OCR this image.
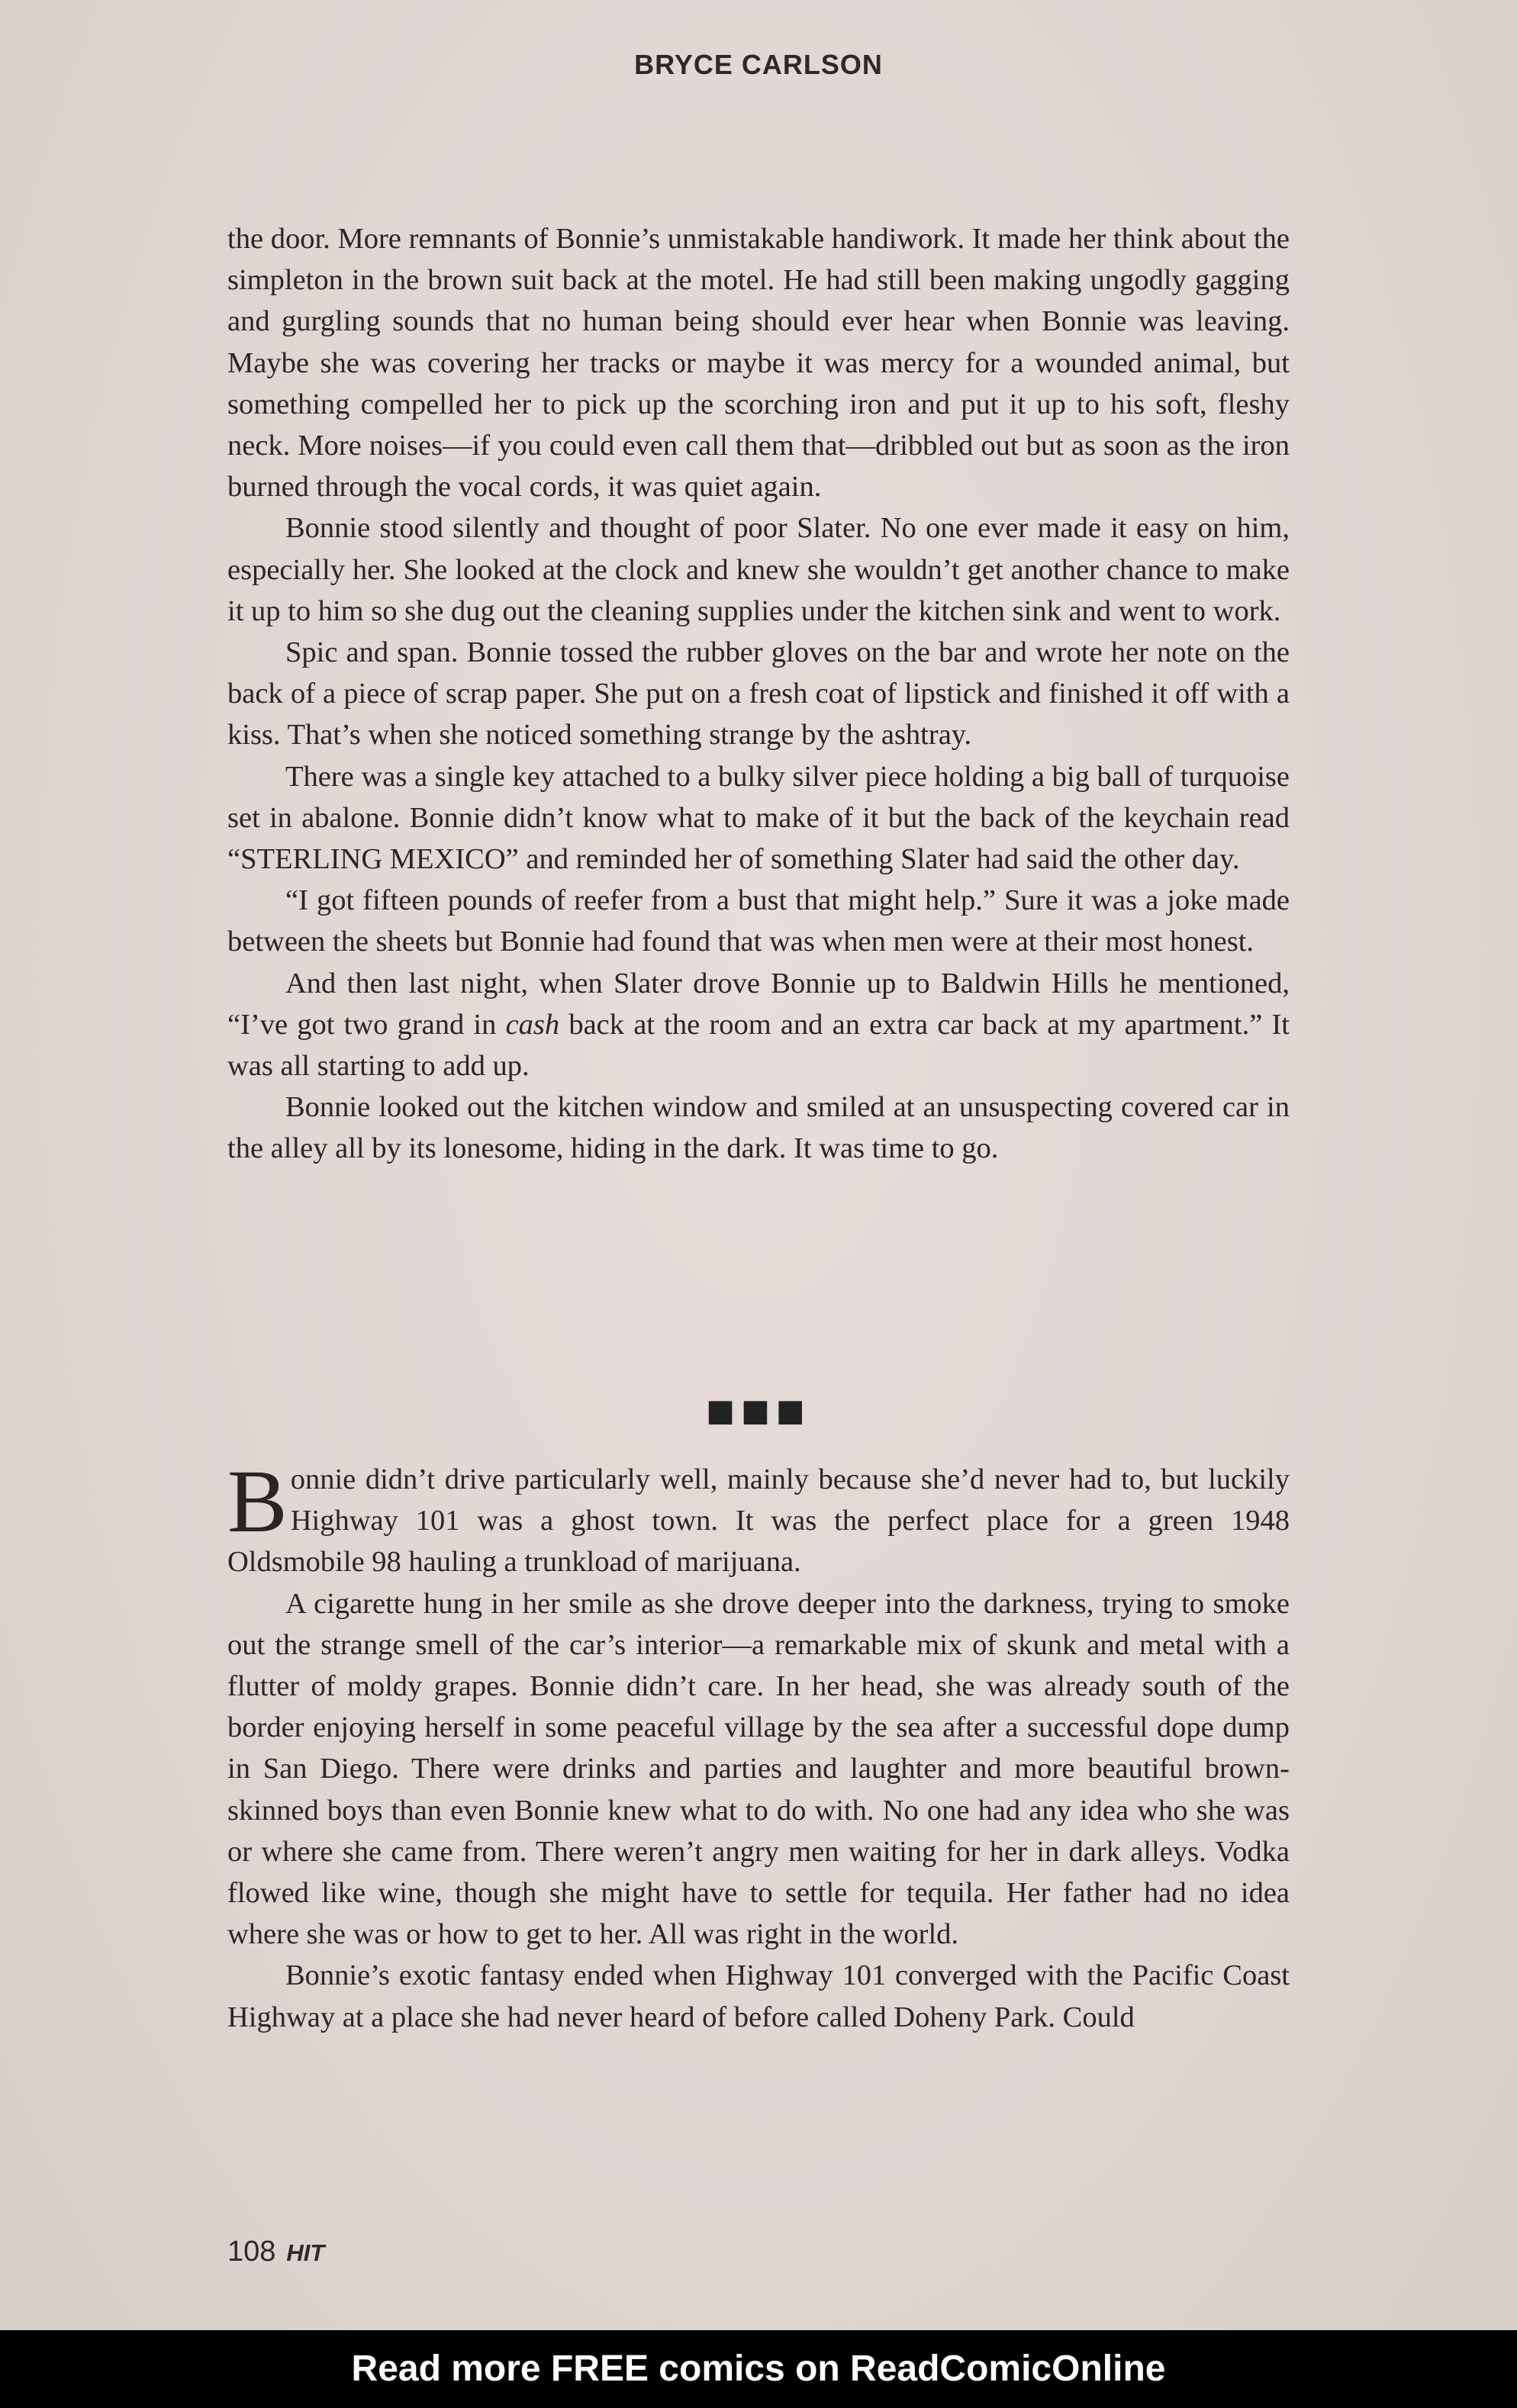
BRYCE CARLSON

the door. More remnants of Bonnie’s unmistakable handiwork. It made her think about the simpleton in the brown suit back at the motel. He had still been making ungodly gagging and gurgling sounds that no human being should ever hear when Bonnie was leaving. Maybe she was covering her tracks or maybe it was mercy for a wounded animal, but something compelled her to pick up the scorching iron and put it up to his soft, fleshy neck. More noises—if you could even call them that—dribbled out but as soon as the iron burned through the vocal cords, it was quiet again.

Bonnie stood silently and thought of poor Slater. No one ever made it easy on him, especially her. She looked at the clock and knew she wouldn’t get another chance to make it up to him so she dug out the cleaning supplies under the kitchen sink and went to work.

Spic and span. Bonnie tossed the rubber gloves on the bar and wrote her note on the back of a piece of scrap paper. She put on a fresh coat of lipstick and finished it off with a kiss. That’s when she noticed something strange by the ashtray.

There was a single key attached to a bulky silver piece holding a big ball of turquoise set in abalone. Bonnie didn’t know what to make of it but the back of the keychain read “STERLING MEXICO” and reminded her of something Slater had said the other day.

“I got fifteen pounds of reefer from a bust that might help.” Sure it was a joke made between the sheets but Bonnie had found that was when men were at their most honest.

And then last night, when Slater drove Bonnie up to Baldwin Hills he mentioned, “I’ve got two grand in cash back at the room and an extra car back at my apartment.” It was all starting to add up.

Bonnie looked out the kitchen window and smiled at an unsuspecting covered car in the alley all by its lonesome, hiding in the dark. It was time to go.

■■■

Bonnie didn’t drive particularly well, mainly because she’d never had to, but luckily Highway 101 was a ghost town. It was the perfect place for a green 1948 Oldsmobile 98 hauling a trunkload of marijuana.

A cigarette hung in her smile as she drove deeper into the darkness, trying to smoke out the strange smell of the car’s interior—a remarkable mix of skunk and metal with a flutter of moldy grapes. Bonnie didn’t care. In her head, she was already south of the border enjoying herself in some peaceful village by the sea after a successful dope dump in San Diego. There were drinks and parties and laughter and more beautiful brown-skinned boys than even Bonnie knew what to do with. No one had any idea who she was or where she came from. There weren’t angry men waiting for her in dark alleys. Vodka flowed like wine, though she might have to settle for tequila. Her father had no idea where she was or how to get to her. All was right in the world.

Bonnie’s exotic fantasy ended when Highway 101 converged with the Pacific Coast Highway at a place she had never heard of before called Doheny Park. Could

108 HIT
Read more FREE comics on ReadComicOnline
